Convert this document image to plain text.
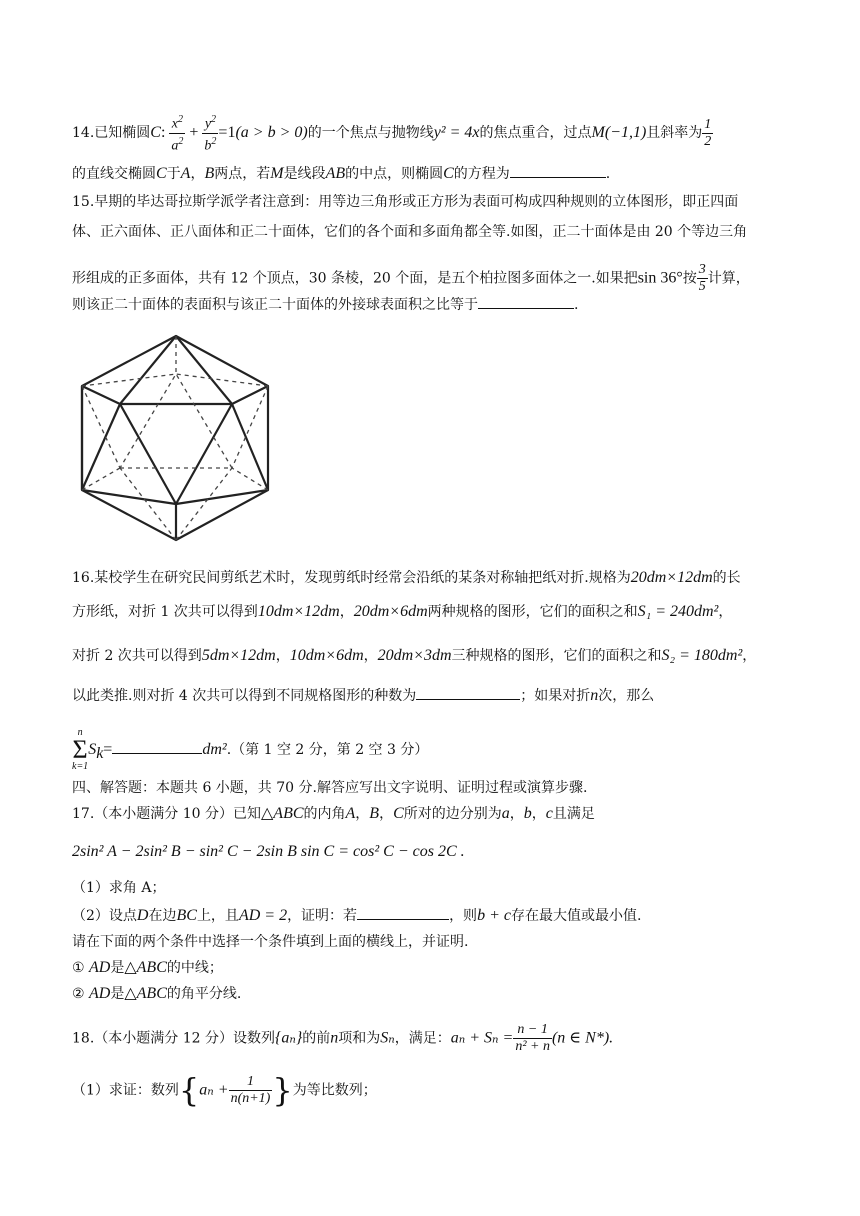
14.已知椭圆C: $\frac{x^2}{a^2} + \frac{y^2}{b^2} =1(a > b > 0)$的一个焦点与抛物线y² = 4x的焦点重合，过点M(−1,1)且斜率为 $\frac{1}{2}$
的直线交椭圆C于A，B两点，若M是线段AB的中点，则椭圆C的方程为	.
15.早期的毕达哥拉斯学派学者注意到：用等边三角形或正方形为表面可构成四种规则的立体图形，即正四面
体、正六面体、正八面体和正二十面体，它们的各个面和多面角都全等.如图，正二十面体是由 20 个等边三角
形组成的正多面体，共有 12 个顶点，30 条棱，20 个面，是五个柏拉图多面体之一.如果把sin 36°按 $\frac{3}{5}$ 计算，
则该正二十面体的表面积与该正二十面体的外接球表面积之比等于	.
16.某校学生在研究民间剪纸艺术时，发现剪纸时经常会沿纸的某条对称轴把纸对折.规格为20dm×12dm的长
方形纸，对折 1 次共可以得到10dm×12dm，20dm×6dm两种规格的图形，它们的面积之和S₁ = 240dm²，
对折 2 次共可以得到5dm×12dm，10dm×6dm，20dm×3dm三种规格的图形，它们的面积之和S₂ = 180dm²，
以此类推.则对折 4 次共可以得到不同规格图形的种数为	；如果对折n次，那么
n
Σ
k=1
$S_k=$	dm².（第 1 空 2 分，第 2 空 3 分）
四、解答题：本题共 6 小题，共 70 分.解答应写出文字说明、证明过程或演算步骤.
17.（本小题满分 10 分）已知△ABC的内角A，B，C所对的边分别为a，b，c且满足
2sin² A − 2sin² B − sin² C − 2sin B sin C = cos² C − cos 2C .
（1）求角 A；
（2）设点D在边BC上，且AD = 2，证明：若	，则b + c存在最大值或最小值.
请在下面的两个条件中选择一个条件填到上面的横线上，并证明.
① AD是△ABC的中线；
② AD是△ABC的角平分线.
18.（本小题满分 12 分）设数列{aₙ}的前n项和为Sₙ，满足：$a_n + S_n = \frac{n - 1}{\text{n² + n}} (n$ ∈ N*).
（1）求证：数列{$a_n + \frac{1}{n(n+1)}$ }为等比数列；
